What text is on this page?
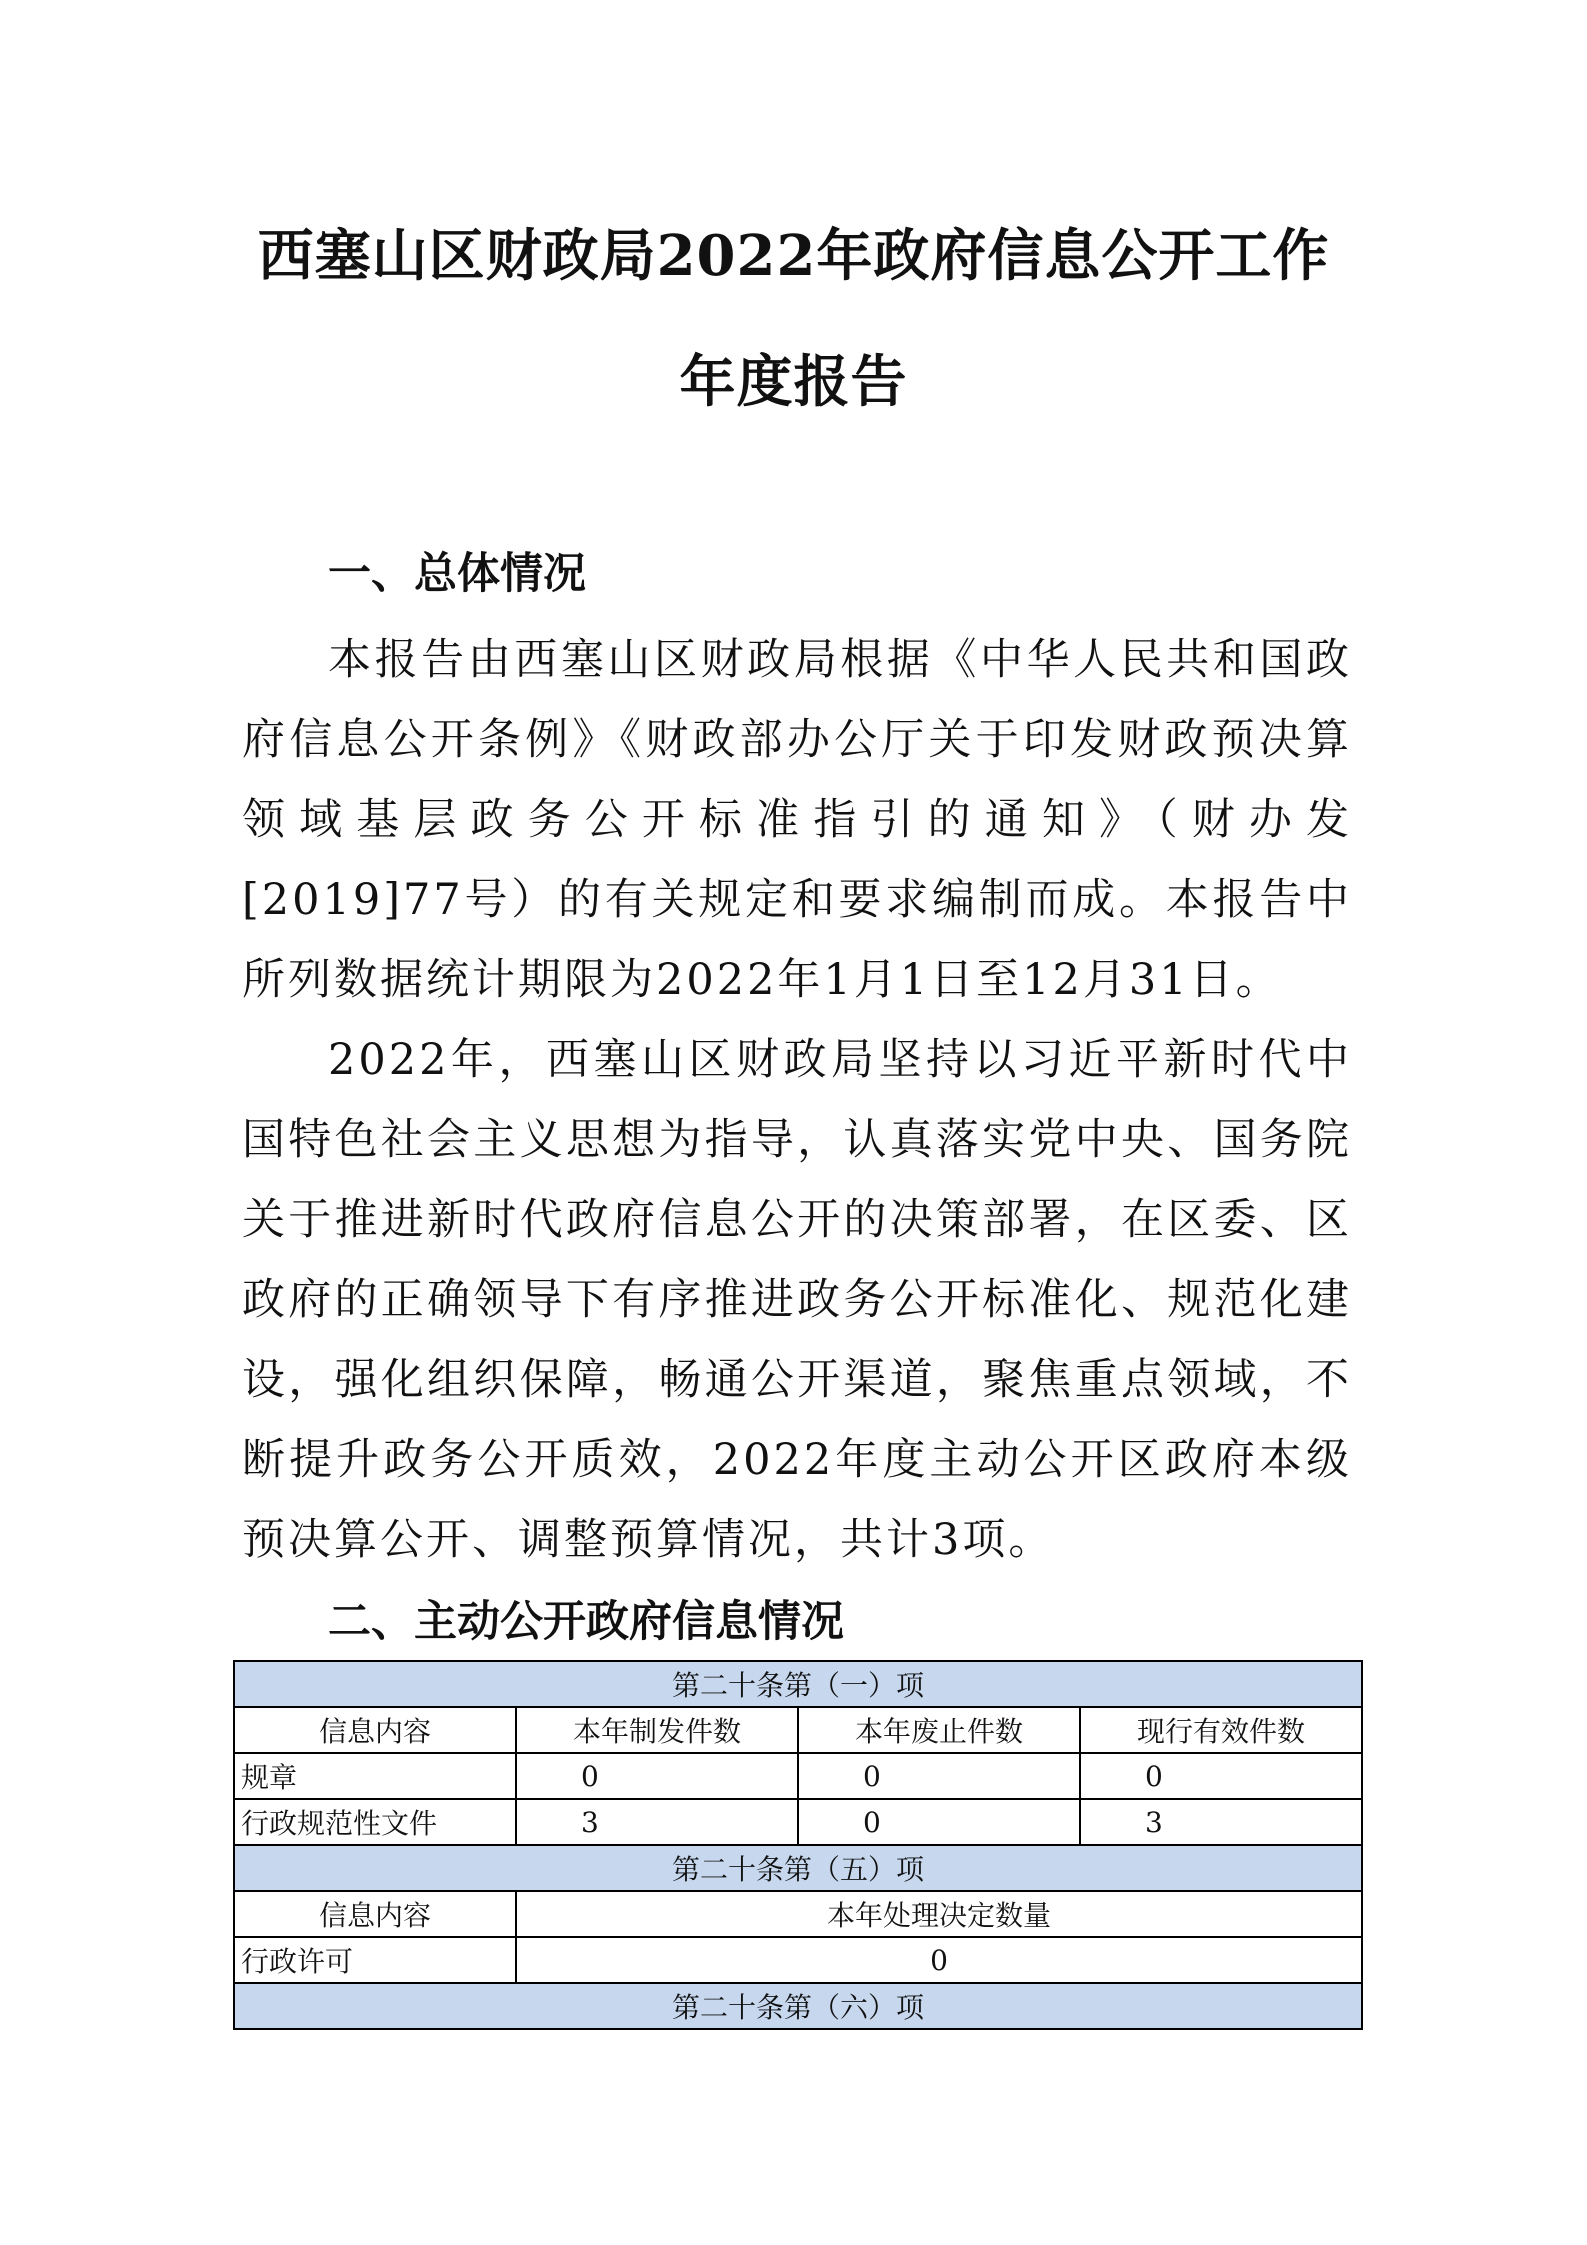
西塞山区财政局2022年政府信息公开工作
年度报告
一、总体情况

本报告由西塞山区财政局根据《中华人民共和国政府信息公开条例》《财政部办公厅关于印发财政预决算领域基层政务公开标准指引的通知》（财办发[2019]77号）的有关规定和要求编制而成。本报告中所列数据统计期限为2022年1月1日至12月31日。

2022年，西塞山区财政局坚持以习近平新时代中国特色社会主义思想为指导，认真落实党中央、国务院关于推进新时代政府信息公开的决策部署，在区委、区政府的正确领导下有序推进政务公开标准化、规范化建设，强化组织保障，畅通公开渠道，聚焦重点领域，不断提升政务公开质效，2022年度主动公开区政府本级预决算公开、调整预算情况，共计3项。

二、主动公开政府信息情况
第二十条第（一）项			
信息内容	本年制发件数	本年废止件数	现行有效件数
规章	0	0	0
行政规范性文件	3	0	3
第二十条第（五）项			
信息内容	本年处理决定数量		
行政许可	0		
第二十条第（六）项			
